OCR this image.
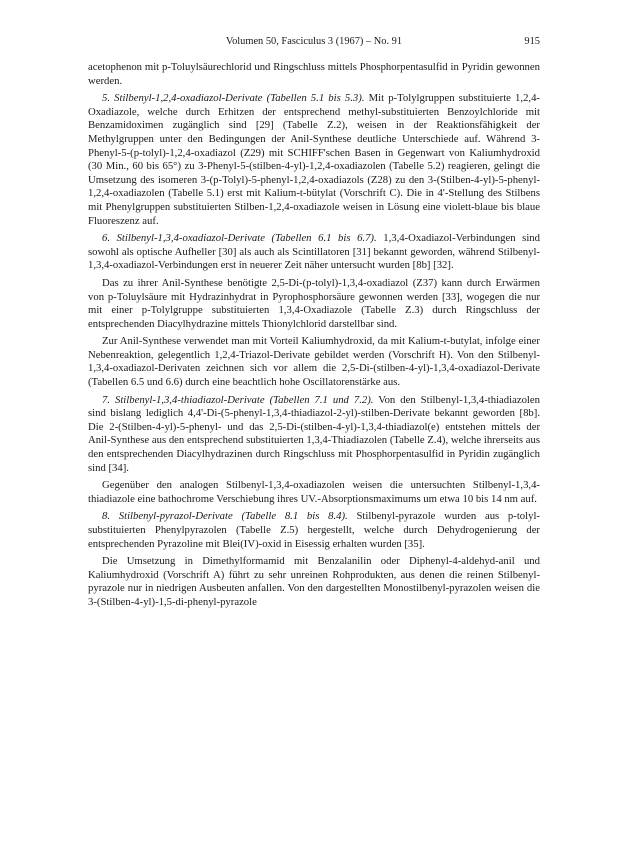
Volumen 50, Fasciculus 3 (1967) – No. 91	915

acetophenon mit p-Toluylsäurechlorid und Ringschluss mittels Phosphorpentasulfid in Pyridin gewonnen werden.

5. Stilbenyl-1,2,4-oxadiazol-Derivate (Tabellen 5.1 bis 5.3). Mit p-Tolylgruppen substituierte 1,2,4-Oxadiazole, welche durch Erhitzen der entsprechend methyl-substituierten Benzoylchloride mit Benzamidoximen zugänglich sind [29] (Tabelle Z.2), weisen in der Reaktionsfähigkeit der Methylgruppen unter den Bedingungen der Anil-Synthese deutliche Unterschiede auf. Während 3-Phenyl-5-(p-tolyl)-1,2,4-oxadiazol (Z29) mit SCHIFF'schen Basen in Gegenwart von Kaliumhydroxid (30 Min., 60 bis 65°) zu 3-Phenyl-5-(stilben-4-yl)-1,2,4-oxadiazolen (Tabelle 5.2) reagieren, gelingt die Umsetzung des isomeren 3-(p-Tolyl)-5-phenyl-1,2,4-oxadiazols (Z28) zu den 3-(Stilben-4-yl)-5-phenyl-1,2,4-oxadiazolen (Tabelle 5.1) erst mit Kalium-t-bütylat (Vorschrift C). Die in 4'-Stellung des Stilbens mit Phenylgruppen substituierten Stilben-1,2,4-oxadiazole weisen in Lösung eine violett-blaue bis blaue Fluoreszenz auf.

6. Stilbenyl-1,3,4-oxadiazol-Derivate (Tabellen 6.1 bis 6.7). 1,3,4-Oxadiazol-Verbindungen sind sowohl als optische Aufheller [30] als auch als Scintillatoren [31] bekannt geworden, während Stilbenyl-1,3,4-oxadiazol-Verbindungen erst in neuerer Zeit näher untersucht wurden [8b] [32].

Das zu ihrer Anil-Synthese benötigte 2,5-Di-(p-tolyl)-1,3,4-oxadiazol (Z37) kann durch Erwärmen von p-Toluylsäure mit Hydrazinhydrat in Pyrophosphorsäure gewonnen werden [33], wogegen die nur mit einer p-Tolylgruppe substituierten 1,3,4-Oxadiazole (Tabelle Z.3) durch Ringschluss der entsprechenden Diacylhydrazine mittels Thionylchlorid darstellbar sind.

Zur Anil-Synthese verwendet man mit Vorteil Kaliumhydroxid, da mit Kalium-t-butylat, infolge einer Nebenreaktion, gelegentlich 1,2,4-Triazol-Derivate gebildet werden (Vorschrift H). Von den Stilbenyl-1,3,4-oxadiazol-Derivaten zeichnen sich vor allem die 2,5-Di-(stilben-4-yl)-1,3,4-oxadiazol-Derivate (Tabellen 6.5 und 6.6) durch eine beachtlich hohe Oscillatorenstärke aus.

7. Stilbenyl-1,3,4-thiadiazol-Derivate (Tabellen 7.1 und 7.2). Von den Stilbenyl-1,3,4-thiadiazolen sind bislang lediglich 4,4'-Di-(5-phenyl-1,3,4-thiadiazol-2-yl)-stilben-Derivate bekannt geworden [8b]. Die 2-(Stilben-4-yl)-5-phenyl- und das 2,5-Di-(stilben-4-yl)-1,3,4-thiadiazol(e) entstehen mittels der Anil-Synthese aus den entsprechend substituierten 1,3,4-Thiadiazolen (Tabelle Z.4), welche ihrerseits aus den entsprechenden Diacylhydrazinen durch Ringschluss mit Phosphorpentasulfid in Pyridin zugänglich sind [34].

Gegenüber den analogen Stilbenyl-1,3,4-oxadiazolen weisen die untersuchten Stilbenyl-1,3,4-thiadiazole eine bathochrome Verschiebung ihres UV.-Absorptionsmaximums um etwa 10 bis 14 nm auf.

8. Stilbenyl-pyrazol-Derivate (Tabelle 8.1 bis 8.4). Stilbenyl-pyrazole wurden aus p-tolyl-substituierten Phenylpyrazolen (Tabelle Z.5) hergestellt, welche durch Dehydrogenierung der entsprechenden Pyrazoline mit Blei(IV)-oxid in Eisessig erhalten wurden [35].

Die Umsetzung in Dimethylformamid mit Benzalanilin oder Diphenyl-4-aldehyd-anil und Kaliumhydroxid (Vorschrift A) führt zu sehr unreinen Rohprodukten, aus denen die reinen Stilbenyl-pyrazole nur in niedrigen Ausbeuten anfallen. Von den dargestellten Monostilbenyl-pyrazolen weisen die 3-(Stilben-4-yl)-1,5-di-phenyl-pyrazole
